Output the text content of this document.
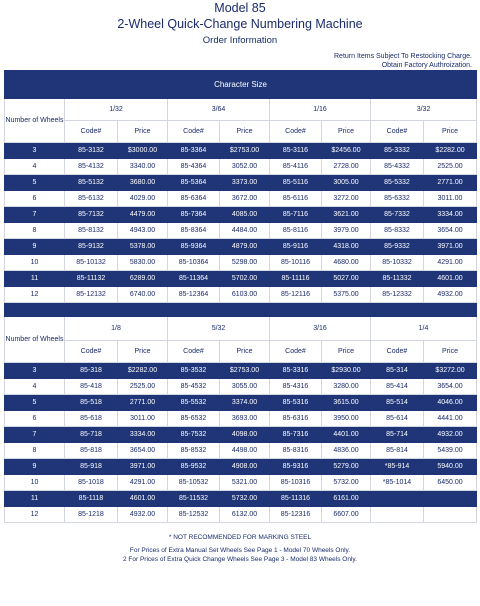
Model 85
2-Wheel Quick-Change Numbering Machine
Order Information
Return Items Subject To Restocking Charge.
Obtain Factory Authroization.
Character Size								
Number of Wheels	1/32		3/64		1/16		3/32	
	Code#	Price	Code#	Price	Code#	Price	Code#	Price
3	85-3132	$3000.00	85-3364	$2753.00	85-3116	$2456.00	85-3332	$2282.00
4	85-4132	3340.00	85-4364	3052.00	85-4116	2728.00	85-4332	2525.00
5	85-5132	3680.00	85-5364	3373.00	85-5116	3005.00	85-5332	2771.00
6	85-6132	4029.00	85-6364	3672.00	85-6116	3272.00	85-6332	3011.00
7	85-7132	4479.00	85-7364	4085.00	85-7116	3621.00	85-7332	3334.00
8	85-8132	4943.00	85-8364	4484.00	85-8116	3979.00	85-8332	3654.00
9	85-9132	5378.00	85-9364	4879.00	85-9116	4318.00	85-9332	3971.00
10	85-10132	5830.00	85-10364	5298.00	85-10116	4680.00	85-10332	4291.00
11	85-11132	6289.00	85-11364	5702.00	85-11116	5027.00	85-11332	4601.00
12	85-12132	6740.00	85-12364	6103.00	85-12116	5375.00	85-12332	4932.00

Number of Wheels	1/8		5/32		3/16		1/4	
	Code#	Price	Code#	Price	Code#	Price	Code#	Price
3	85-318	$2282.00	85-3532	$2753.00	85-3316	$2930.00	85-314	$3272.00
4	85-418	2525.00	85-4532	3055.00	85-4316	3280.00	85-414	3654.00
5	85-518	2771.00	85-5532	3374.00	85-5316	3615.00	85-514	4046.00
6	85-618	3011.00	85-6532	3693.00	85-6316	3950.00	85-614	4441.00
7	85-718	3334.00	85-7532	4098.00	85-7316	4401.00	85-714	4932.00
8	85-818	3654.00	85-8532	4498.00	85-8316	4836.00	85-814	5439.00
9	85-918	3971.00	85-9532	4908.00	85-9316	5279.00	*85-914	5940.00
10	85-1018	4291.00	85-10532	5321.00	85-10316	5732.00	*85-1014	6450.00
11	85-1118	4601.00	85-11532	5732.00	85-11316	6161.00		
12	85-1218	4932.00	85-12532	6132.00	85-12316	6607.00		
* NOT RECOMMENDED FOR MARKING STEEL
For Prices of Extra Manual Set Wheels See Page 1 - Model 70 Wheels Only.
2 For Prices of Extra Quick Change Wheels See Page 3 - Model 83 Wheels Only.
